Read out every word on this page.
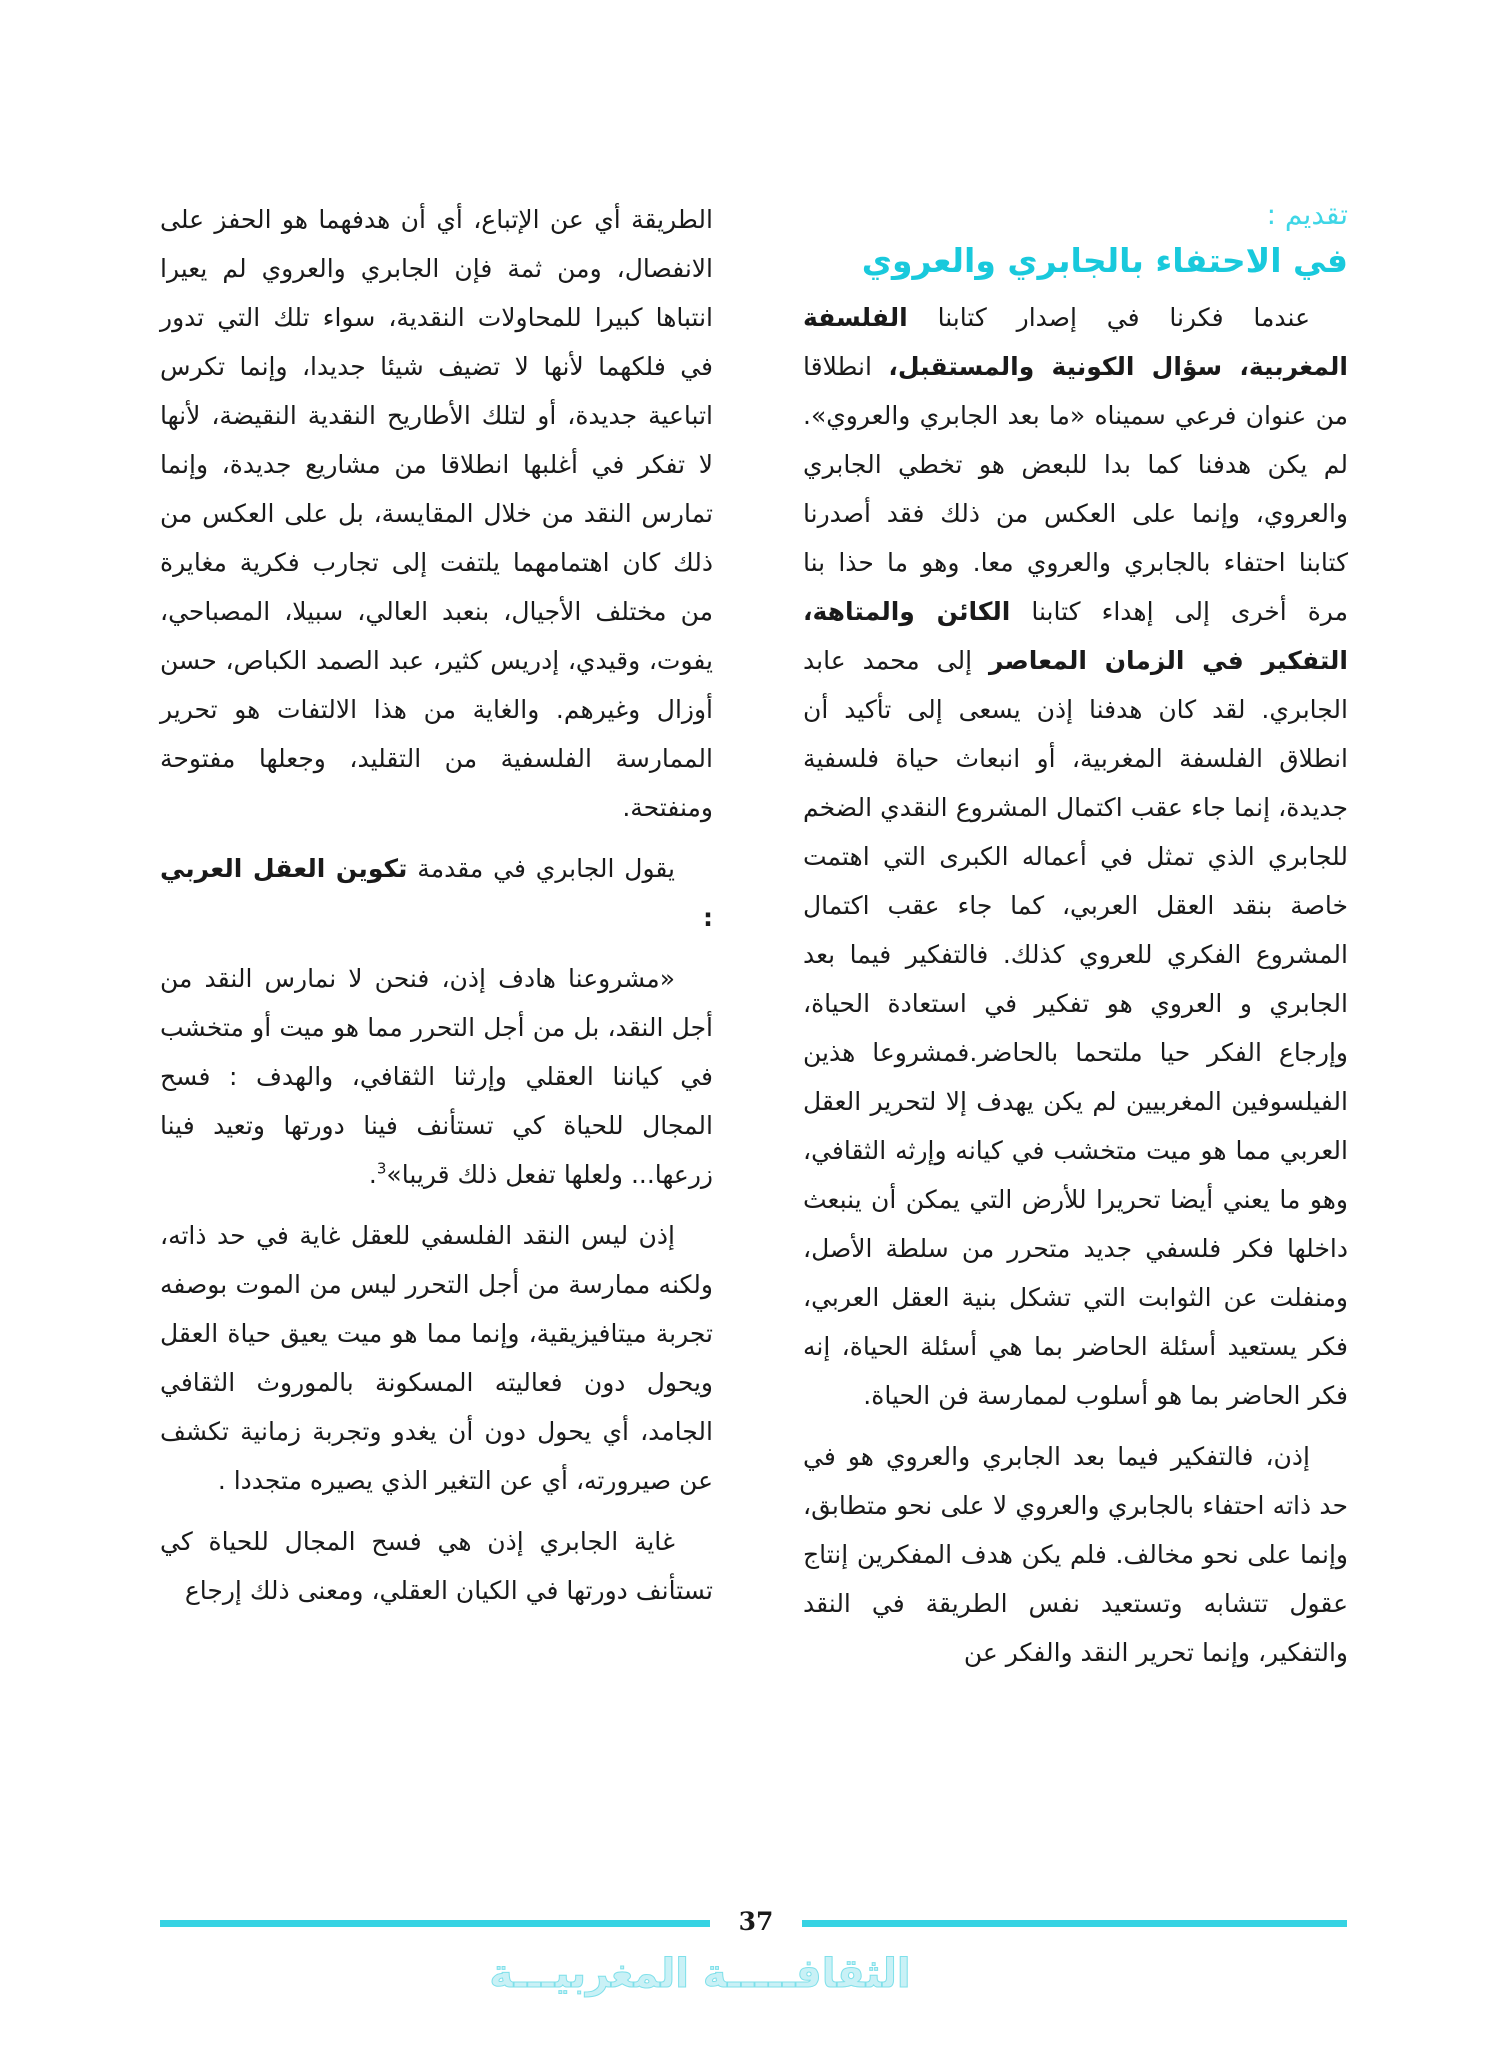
تقديم :
في الاحتفاء بالجابري والعروي

عندما فكرنا في إصدار كتابنا الفلسفة المغربية، سؤال الكونية والمستقبل، انطلاقا من عنوان فرعي سميناه «ما بعد الجابري والعروي». لم يكن هدفنا كما بدا للبعض هو تخطي الجابري والعروي، وإنما على العكس من ذلك فقد أصدرنا كتابنا احتفاء بالجابري والعروي معا. وهو ما حذا بنا مرة أخرى إلى إهداء كتابنا الكائن والمتاهة، التفكير في الزمان المعاصر إلى محمد عابد الجابري. لقد كان هدفنا إذن يسعى إلى تأكيد أن انطلاق الفلسفة المغربية، أو انبعاث حياة فلسفية جديدة، إنما جاء عقب اكتمال المشروع النقدي الضخم للجابري الذي تمثل في أعماله الكبرى التي اهتمت خاصة بنقد العقل العربي، كما جاء عقب اكتمال المشروع الفكري للعروي كذلك. فالتفكير فيما بعد الجابري و العروي هو تفكير في استعادة الحياة، وإرجاع الفكر حيا ملتحما بالحاضر.فمشروعا هذين الفيلسوفين المغربيين لم يكن يهدف إلا لتحرير العقل العربي مما هو ميت متخشب في كيانه وإرثه الثقافي، وهو ما يعني أيضا تحريرا للأرض التي يمكن أن ينبعث داخلها فكر فلسفي جديد متحرر من سلطة الأصل، ومنفلت عن الثوابت التي تشكل بنية العقل العربي، فكر يستعيد أسئلة الحاضر بما هي أسئلة الحياة، إنه فكر الحاضر بما هو أسلوب لممارسة فن الحياة.

إذن، فالتفكير فيما بعد الجابري والعروي هو في حد ذاته احتفاء بالجابري والعروي لا على نحو متطابق، وإنما على نحو مخالف. فلم يكن هدف المفكرين إنتاج عقول تتشابه وتستعيد نفس الطريقة في النقد والتفكير، وإنما تحرير النقد والفكر عن

الطريقة أي عن الإتباع، أي أن هدفهما هو الحفز على الانفصال، ومن ثمة فإن الجابري والعروي لم يعيرا انتباها كبيرا للمحاولات النقدية، سواء تلك التي تدور في فلكهما لأنها لا تضيف شيئا جديدا، وإنما تكرس اتباعية جديدة، أو لتلك الأطاريح النقدية النقيضة، لأنها لا تفكر في أغلبها انطلاقا من مشاريع جديدة، وإنما تمارس النقد من خلال المقايسة، بل على العكس من ذلك كان اهتمامهما يلتفت إلى تجارب فكرية مغايرة من مختلف الأجيال، بنعبد العالي، سبيلا، المصباحي، يفوت، وقيدي، إدريس كثير، عبد الصمد الكباص، حسن أوزال وغيرهم. والغاية من هذا الالتفات هو تحرير الممارسة الفلسفية من التقليد، وجعلها مفتوحة ومنفتحة.

يقول الجابري في مقدمة تكوين العقل العربي :

«مشروعنا هادف إذن، فنحن لا نمارس النقد من أجل النقد، بل من أجل التحرر مما هو ميت أو متخشب في كياننا العقلي وإرثنا الثقافي، والهدف : فسح المجال للحياة كي تستأنف فينا دورتها وتعيد فينا زرعها... ولعلها تفعل ذلك قريبا»$^3$.

إذن ليس النقد الفلسفي للعقل غاية في حد ذاته، ولكنه ممارسة من أجل التحرر ليس من الموت بوصفه تجربة ميتافيزيقية، وإنما مما هو ميت يعيق حياة العقل ويحول دون فعاليته المسكونة بالموروث الثقافي الجامد، أي يحول دون أن يغدو وتجربة زمانية تكشف عن صيرورته، أي عن التغير الذي يصيره متجددا .

غاية الجابري إذن هي فسح المجال للحياة كي تستأنف دورتها في الكيان العقلي، ومعنى ذلك إرجاع

37
الثقافـــــة المغربيـــة
